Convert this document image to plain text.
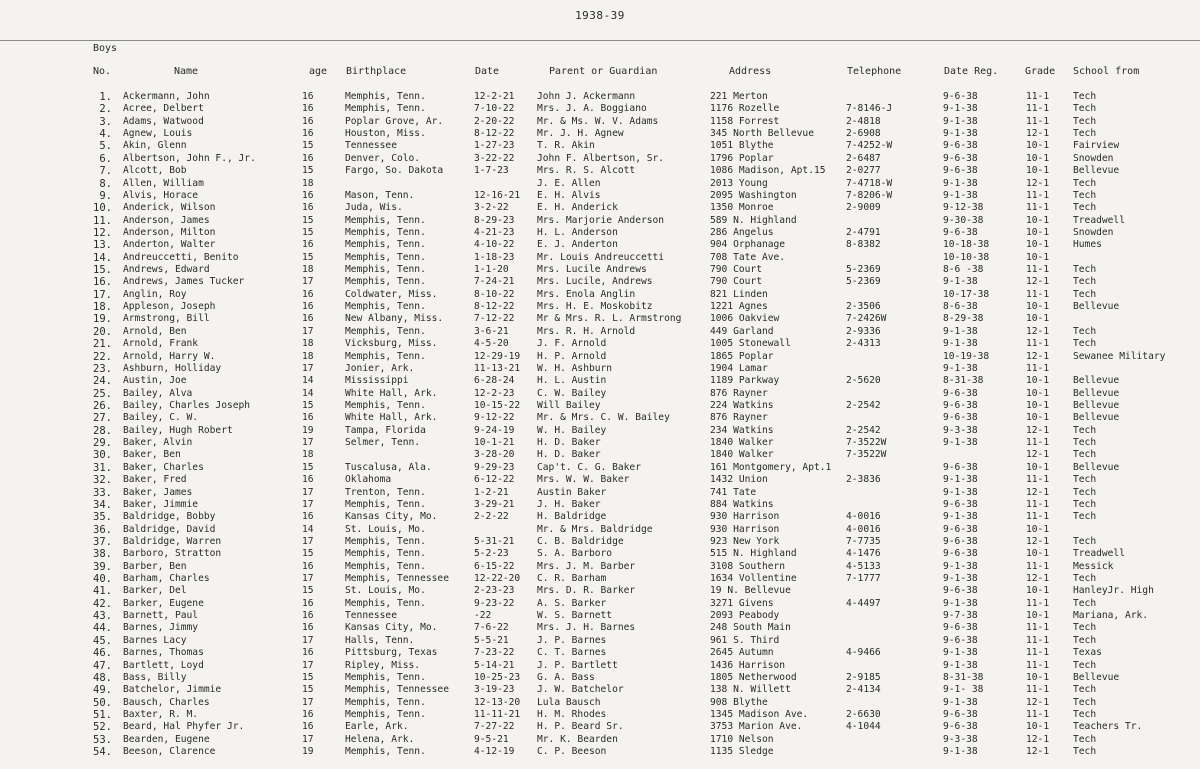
1938-39
Boys
No.	Name	age Birthplace	Date	Parent or Guardian	Address	Telephone	Date Reg.	Grade School from
1. Ackermann, John	16	Memphis, Tenn.	12-2-21 John J. Ackermann	221 Merton	9-6-38	11-1 Tech
2. Acree, Delbert	16	Memphis, Tenn.	7-10-22 Mrs. J. A. Boggiano	1176 Rozelle	7-8146-J	9-1-38	11-1 Tech
3. Adams, Watwood	16	Poplar Grove, Ar.	2-20-22 Mr. & Ms. W. V. Adams	1158 Forrest	2-4818	9-1-38	11-1 Tech
4. Agnew, Louis	16	Houston, Miss.	8-12-22 Mr. J. H. Agnew	345 North Bellevue	2-6908	9-1-38	12-1 Tech
5. Akin, Glenn	15	Tennessee	1-27-23 T. R. Akin	1051 Blythe	7-4252-W	9-6-38	10-1 Fairview
6. Albertson, John F., Jr.	16	Denver, Colo.	3-22-22 John F. Albertson, Sr.	1796 Poplar	2-6487	9-6-38	10-1 Snowden
7. Alcott, Bob	15	Fargo, So. Dakota	1-7-23	Mrs. R. S. Alcott	1086 Madison, Apt.15 2-0277	9-6-38	10-1 Bellevue
8. Allen, William	18	J. E. Allen	2013 Young	7-4718-W	9-1-38	12-1 Tech
9. Alvis, Horace	16	Mason, Tenn.	12-16-21 E. H. Alvis	2095 Washington	7-8206-W	9-1-38	11-1 Tech
10. Anderick, Wilson	16	Juda, Wis.	3-2-22	E. H. Anderick	1350 Monroe	2-9009	9-12-38	11-1 Tech
11. Anderson, James	15	Memphis, Tenn.	8-29-23 Mrs. Marjorie Anderson	589 N. Highland	9-30-38	10-1 Treadwell
12. Anderson, Milton	15	Memphis, Tenn.	4-21-23 H. L. Anderson	286 Angelus	2-4791	9-6-38	10-1 Snowden
13. Anderton, Walter	16	Memphis, Tenn.	4-10-22 E. J. Anderton	904 Orphanage	8-8382	10-18-38	10-1 Humes
14. Andreuccetti, Benito	15	Memphis, Tenn.	1-18-23 Mr. Louis Andreuccetti	708 Tate Ave.	10-10-38	10-1
15. Andrews, Edward	18	Memphis, Tenn.	1-1-20	Mrs. Lucile Andrews	790 Court	5-2369	8-6 -38	11-1 Tech
16. Andrews, James Tucker	17	Memphis, Tenn.	7-24-21 Mrs. Lucile, Andrews	790 Court	5-2369	9-1-38	12-1 Tech
17. Anglin, Roy	16	Coldwater, Miss.	8-10-22 Mrs. Enola Anglin	821 Linden	10-17-38	11-1 Tech
18. Appleson, Joseph	16	Memphis, Tenn.	8-12-22 Mrs. H. E. Moskobitz	1221 Agnes	2-3506	8-6-38	10-1 Bellevue
19. Armstrong, Bill	16	New Albany, Miss.	7-12-22 Mr & Mrs. R. L. Armstrong	1006 Oakview	7-2426W	8-29-38	10-1
20. Arnold, Ben	17	Memphis, Tenn.	3-6-21	Mrs. R. H. Arnold	449 Garland	2-9336	9-1-38	12-1 Tech
21. Arnold, Frank	18	Vicksburg, Miss.	4-5-20	J. F. Arnold	1005 Stonewall	2-4313	9-1-38	11-1 Tech
22. Arnold, Harry W.	18	Memphis, Tenn.	12-29-19 H. P. Arnold	1865 Poplar	10-19-38	12-1 Sewanee Military
23. Ashburn, Holliday	17	Jonier, Ark.	11-13-21 W. H. Ashburn	1904 Lamar	9-1-38	11-1
24. Austin, Joe	14	Mississippi	6-28-24 H. L. Austin	1189 Parkway	2-5620	8-31-38	10-1 Bellevue
25. Bailey, Alva	14	White Hall, Ark.	12-2-23 C. W. Bailey	876 Rayner	9-6-38	10-1 Bellevue
26. Bailey, Charles Joseph	15	Memphis, Tenn.	10-15-22 Will Bailey	224 Watkins	2-2542	9-6-38	10-1 Bellevue
27. Bailey, C. W.	16	White Hall, Ark.	9-12-22 Mr. & Mrs. C. W. Bailey	876 Rayner	9-6-38	10-1 Bellevue
28. Bailey, Hugh Robert	19	Tampa, Florida	9-24-19 W. H. Bailey	234 Watkins	2-2542	9-3-38	12-1 Tech
29. Baker, Alvin	17	Selmer, Tenn.	10-1-21 H. D. Baker	1840 Walker	7-3522W	9-1-38	11-1 Tech
30. Baker, Ben	18	3-28-20 H. D. Baker	1840 Walker	7-3522W	12-1 Tech
31. Baker, Charles	15	Tuscalusa, Ala.	9-29-23 Cap't. C. G. Baker	161 Montgomery, Apt.1	9-6-38	10-1 Bellevue
32. Baker, Fred	16	Oklahoma	6-12-22 Mrs. W. W. Baker	1432 Union	2-3836	9-1-38	11-1 Tech
33. Baker, James	17	Trenton, Tenn.	1-2-21	Austin Baker	741 Tate	9-1-38	12-1 Tech
34. Baker, Jimmie	17	Memphis, Tenn.	3-29-21 J. H. Baker	884 Watkins	9-6-38	11-1 Tech
35. Baldridge, Bobby	16	Kansas City, Mo.	2-2-22	H. Baldridge	930 Harrison	4-0016	9-1-38	11-1 Tech
36. Baldridge, David	14	St. Louis, Mo.	Mr. & Mrs. Baldridge	930 Harrison	4-0016	9-6-38	10-1
37. Baldridge, Warren	17	Memphis, Tenn.	5-31-21 C. B. Baldridge	923 New York	7-7735	9-6-38	12-1 Tech
38. Barboro, Stratton	15	Memphis, Tenn.	5-2-23	S. A. Barboro	515 N. Highland	4-1476	9-6-38	10-1 Treadwell
39. Barber, Ben	16	Memphis, Tenn.	6-15-22 Mrs. J. M. Barber	3108 Southern	4-5133	9-1-38	11-1 Messick
40. Barham, Charles	17	Memphis, Tennessee	12-22-20 C. R. Barham	1634 Vollentine	7-1777	9-1-38	12-1 Tech
41. Barker, Del	15	St. Louis, Mo.	2-23-23 Mrs. D. R. Barker	19 N. Bellevue	9-6-38	10-1 HanleyJr. High
42. Barker, Eugene	16	Memphis, Tenn.	9-23-22 A. S. Barker	3271 Givens	4-4497	9-1-38	11-1 Tech
43. Barnett, Paul	16	Tennessee	-22	W. S. Barnett	2093 Peabody	9-7-38	10-1 Mariana, Ark.
44. Barnes, Jimmy	16	Kansas City, Mo.	7-6-22	Mrs. J. H. Barnes	248 South Main	9-6-38	11-1 Tech
45. Barnes Lacy	17	Halls, Tenn.	5-5-21	J. P. Barnes	961 S. Third	9-6-38	11-1 Tech
46. Barnes, Thomas	16	Pittsburg, Texas	7-23-22 C. T. Barnes	2645 Autumn	4-9466	9-1-38	11-1 Texas
47. Bartlett, Loyd	17	Ripley, Miss.	5-14-21 J. P. Bartlett	1436 Harrison	9-1-38	11-1 Tech
48. Bass, Billy	15	Memphis, Tenn.	10-25-23 G. A. Bass	1805 Netherwood	2-9185	8-31-38	10-1 Bellevue
49. Batchelor, Jimmie	15	Memphis, Tennessee	3-19-23 J. W. Batchelor	138 N. Willett	2-4134	9-1- 38	11-1 Tech
50. Bausch, Charles	17	Memphis, Tenn.	12-13-20 Lula Bausch	908 Blythe	9-1-38	12-1 Tech
51. Baxter, R. M.	16	Memphis, Tenn.	11-11-21 H. M. Rhodes	1345 Madison Ave.	2-6630	9-6-38	11-1 Tech
52. Beard, Hal Phyfer Jr.	16	Earle, Ark.	7-27-22 H. P. Beard Sr.	3753 Marion Ave.	4-1044	9-6-38	10-1 Teachers Tr.
53. Bearden, Eugene	17	Helena, Ark.	9-5-21	Mr. K. Bearden	1710 Nelson	9-3-38	12-1 Tech
54. Beeson, Clarence	19	Memphis, Tenn.	4-12-19 C. P. Beeson	1135 Sledge	9-1-38	12-1 Tech
